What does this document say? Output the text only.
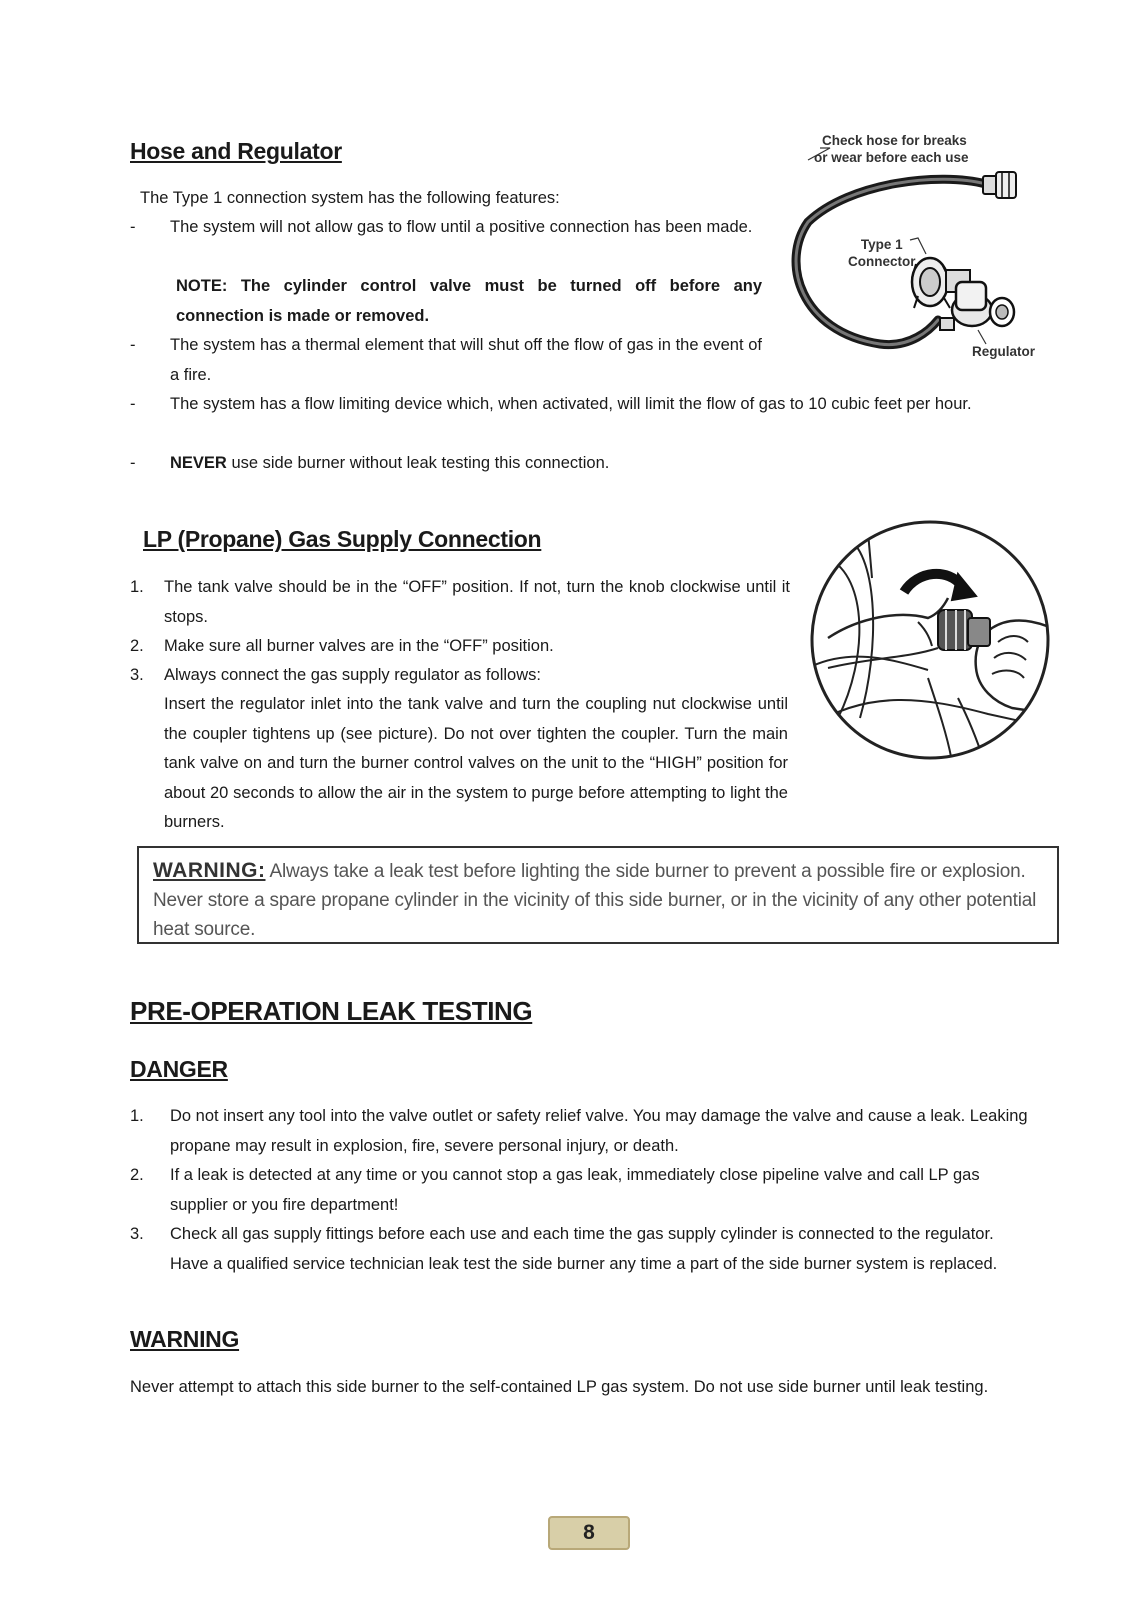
Hose and Regulator
The Type 1 connection system has the following features:
- The system will not allow gas to flow until a positive connection has been made.
NOTE: The cylinder control valve must be turned off before any connection is made or removed.
- The system has a thermal element that will shut off the flow of gas in the event of a fire.
- The system has a flow limiting device which, when activated, will limit the flow of gas to 10 cubic feet per hour.
- NEVER use side burner without leak testing this connection.
Check hose for breaks
or wear before each use
Type 1
Connector
Regulator
LP (Propane) Gas Supply Connection
1. The tank valve should be in the “OFF” position. If not, turn the knob clockwise until it stops.
2. Make sure all burner valves are in the “OFF” position.
3. Always connect the gas supply regulator as follows:
Insert the regulator inlet into the tank valve and turn the coupling nut clockwise until the coupler tightens up (see picture). Do not over tighten the coupler. Turn the main tank valve on and turn the burner control valves on the unit to the “HIGH” position for about 20 seconds to allow the air in the system to purge before attempting to light the burners.
WARNING: Always take a leak test before lighting the side burner to prevent a possible fire or explosion. Never store a spare propane cylinder in the vicinity of this side burner, or in the vicinity of any other potential heat source.
PRE-OPERATION LEAK TESTING
DANGER
1. Do not insert any tool into the valve outlet or safety relief valve. You may damage the valve and cause a leak. Leaking propane may result in explosion, fire, severe personal injury, or death.
2. If a leak is detected at any time or you cannot stop a gas leak, immediately close pipeline valve and call LP gas supplier or you fire department!
3. Check all gas supply fittings before each use and each time the gas supply cylinder is connected to the regulator. Have a qualified service technician leak test the side burner any time a part of the side burner system is replaced.
WARNING
Never attempt to attach this side burner to the self-contained LP gas system. Do not use side burner until leak testing.
8
